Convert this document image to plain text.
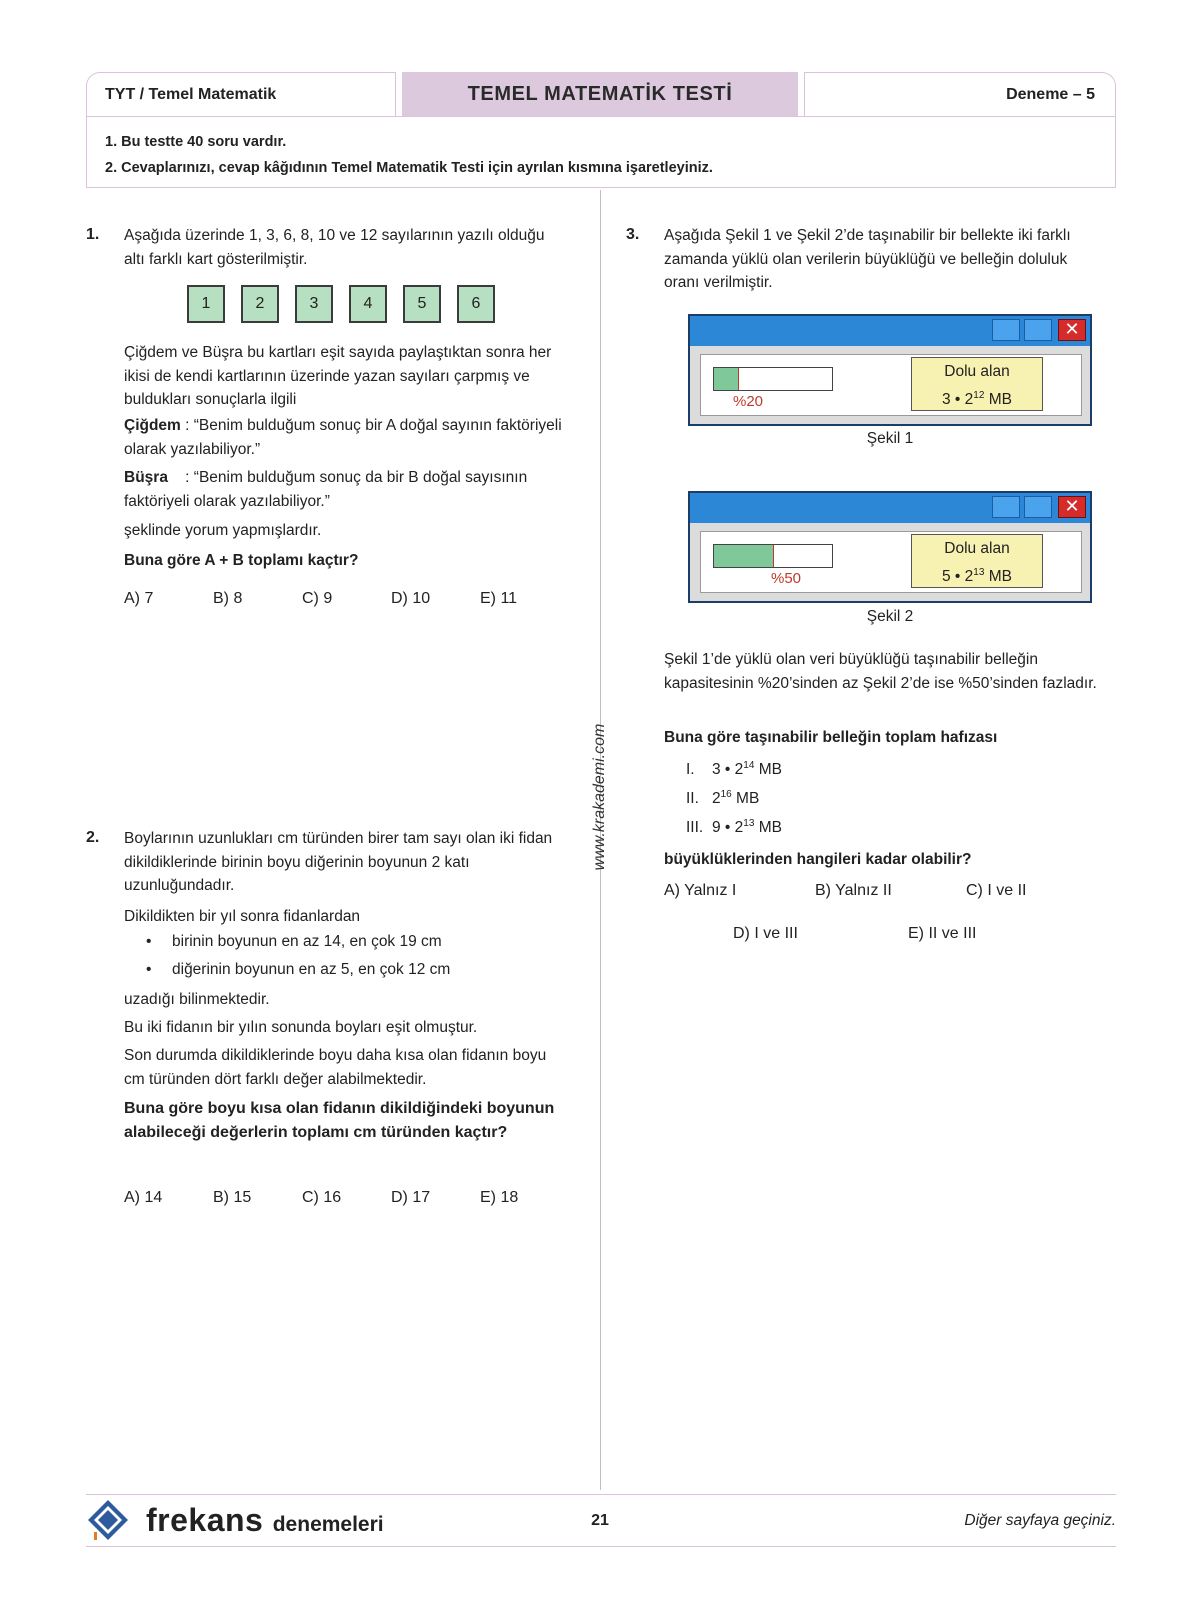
TYT / Temel Matematik	TEMEL MATEMATİK TESTİ	Deneme – 5
1. Bu testte 40 soru vardır.
2. Cevaplarınızı, cevap kâğıdının Temel Matematik Testi için ayrılan kısmına işaretleyiniz.
www.krakademi.com
1. Aşağıda üzerinde 1, 3, 6, 8, 10 ve 12 sayılarının yazılı olduğu altı farklı kart gösterilmiştir.
1	2	3	4	5	6
Çiğdem ve Büşra bu kartları eşit sayıda paylaştıktan sonra her ikisi de kendi kartlarının üzerinde yazan sayıları çarpmış ve buldukları sonuçlarla ilgili
Çiğdem : “Benim bulduğum sonuç bir A doğal sayının faktöriyeli olarak yazılabiliyor.”
Büşra    : “Benim bulduğum sonuç da bir B doğal sayısının faktöriyeli olarak yazılabiliyor.”
şeklinde yorum yapmışlardır.
Buna göre A + B toplamı kaçtır?
A) 7	B) 8	C) 9	D) 10	E) 11
2. Boylarının uzunlukları cm türünden birer tam sayı olan iki fidan dikildiklerinde birinin boyu diğerinin boyunun 2 katı uzunluğundadır.
Dikildikten bir yıl sonra fidanlardan
• birinin boyunun en az 14, en çok 19 cm
• diğerinin boyunun en az 5, en çok 12 cm
uzadığı bilinmektedir.
Bu iki fidanın bir yılın sonunda boyları eşit olmuştur.
Son durumda dikildiklerinde boyu daha kısa olan fidanın boyu cm türünden dört farklı değer alabilmektedir.
Buna göre boyu kısa olan fidanın dikildiğindeki boyunun alabileceği değerlerin toplamı cm türünden kaçtır?
A) 14	B) 15	C) 16	D) 17	E) 18
3. Aşağıda Şekil 1 ve Şekil 2’de taşınabilir bir bellekte iki farklı zamanda yüklü olan verilerin büyüklüğü ve belleğin doluluk oranı verilmiştir.
✕
%20
Dolu alan
3 • $2^{12}$ MB
Şekil 1
✕
%50
Dolu alan
5 • $2^{13}$ MB
Şekil 2
Şekil 1’de yüklü olan veri büyüklüğü taşınabilir belleğin kapasitesinin %20’sinden az Şekil 2’de ise %50’sinden fazladır.
Buna göre taşınabilir belleğin toplam hafızası
I. 3 • $2^{14}$ MB
II. $2^{16}$ MB
III. 9 • $2^{13}$ MB
büyüklüklerinden hangileri kadar olabilir?
A) Yalnız I	B) Yalnız II	C) I ve II
D) I ve III	E) II ve III
frekans denemeleri	21	Diğer sayfaya geçiniz.
